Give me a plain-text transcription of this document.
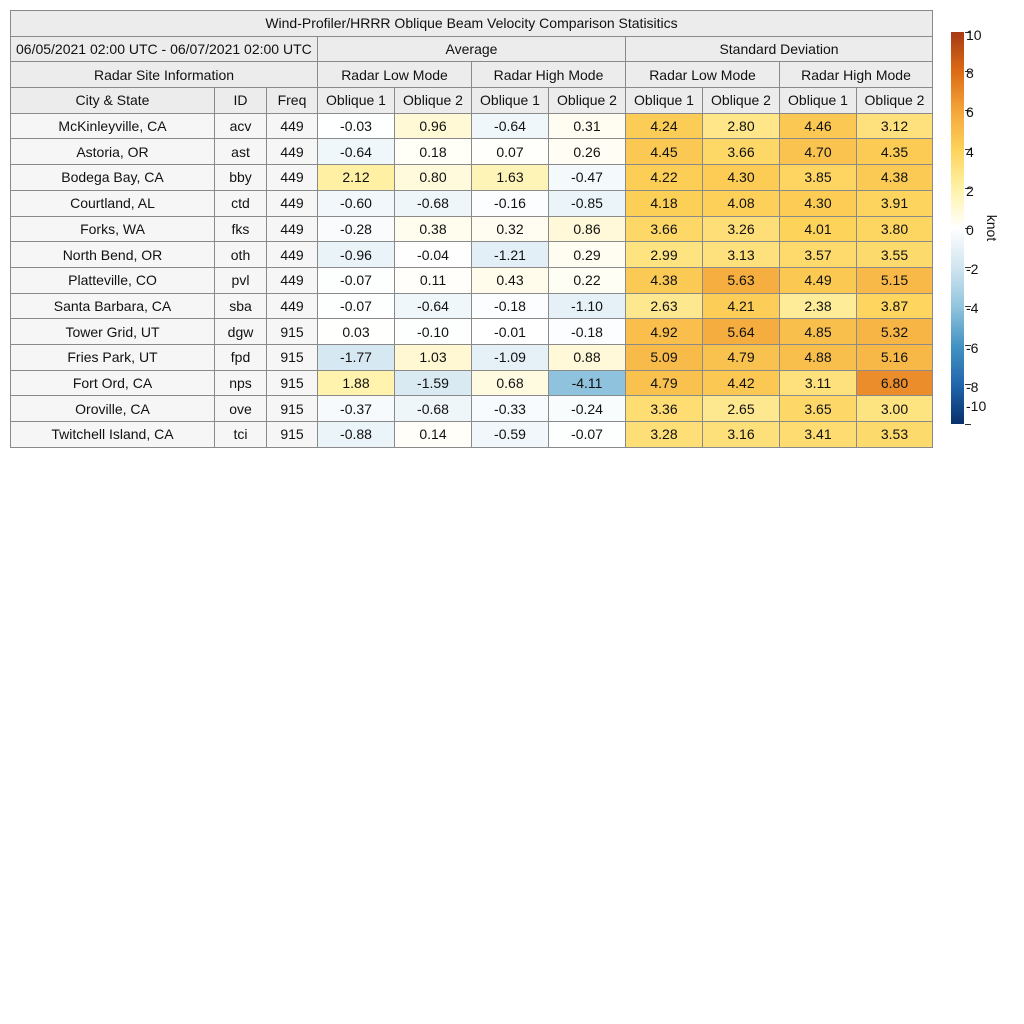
Wind-Profiler/HRRR Oblique Beam Velocity Comparison Statisitics										
06/05/2021 02:00 UTC - 06/07/2021 02:00 UTC			Average				Standard Deviation			
Radar Site Information			Radar Low Mode		Radar High Mode		Radar Low Mode		Radar High Mode	
City & State	ID	Freq	Oblique 1	Oblique 2	Oblique 1	Oblique 2	Oblique 1	Oblique 2	Oblique 1	Oblique 2
McKinleyville, CA	acv	449	-0.03	0.96	-0.64	0.31	4.24	2.80	4.46	3.12
Astoria, OR	ast	449	-0.64	0.18	0.07	0.26	4.45	3.66	4.70	4.35
Bodega Bay, CA	bby	449	2.12	0.80	1.63	-0.47	4.22	4.30	3.85	4.38
Courtland, AL	ctd	449	-0.60	-0.68	-0.16	-0.85	4.18	4.08	4.30	3.91
Forks, WA	fks	449	-0.28	0.38	0.32	0.86	3.66	3.26	4.01	3.80
North Bend, OR	oth	449	-0.96	-0.04	-1.21	0.29	2.99	3.13	3.57	3.55
Platteville, CO	pvl	449	-0.07	0.11	0.43	0.22	4.38	5.63	4.49	5.15
Santa Barbara, CA	sba	449	-0.07	-0.64	-0.18	-1.10	2.63	4.21	2.38	3.87
Tower Grid, UT	dgw	915	0.03	-0.10	-0.01	-0.18	4.92	5.64	4.85	5.32
Fries Park, UT	fpd	915	-1.77	1.03	-1.09	0.88	5.09	4.79	4.88	5.16
Fort Ord, CA	nps	915	1.88	-1.59	0.68	-4.11	4.79	4.42	3.11	6.80
Oroville, CA	ove	915	-0.37	-0.68	-0.33	-0.24	3.36	2.65	3.65	3.00
Twitchell Island, CA	tci	915	-0.88	0.14	-0.59	-0.07	3.28	3.16	3.41	3.53
10
8
6
4
2
0
-2
-4
-6
-8
-10
knot
